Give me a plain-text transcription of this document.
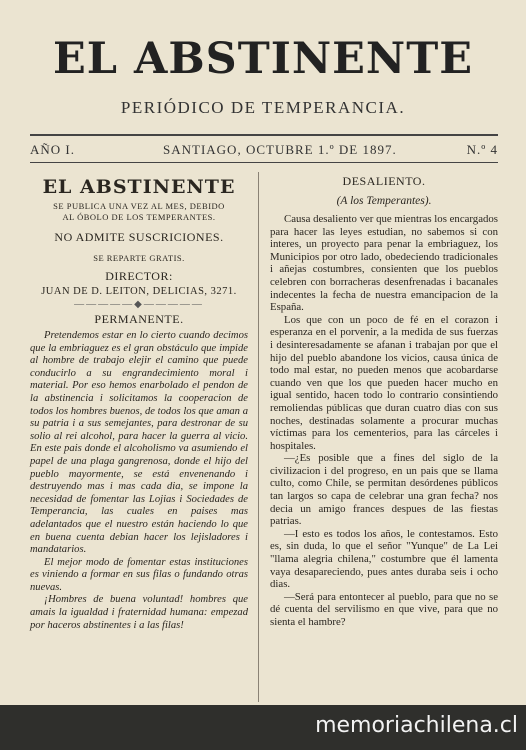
EL ABSTINENTE
PERIÓDICO DE TEMPERANCIA.
AÑO I.	SANTIAGO, OCTUBRE 1.º DE 1897.	N.º 4
EL ABSTINENTE
SE PUBLICA UNA VEZ AL MES, DEBIDO
AL ÓBOLO DE LOS TEMPERANTES.
NO ADMITE SUSCRICIONES.
SE REPARTE GRATIS.
DIRECTOR:
JUAN DE D. LEITON, DELICIAS, 3271.
—————◆—————
PERMANENTE.

Pretendemos estar en lo cierto cuando decimos que la embriaguez es el gran obstáculo que impide al hombre de trabajo elejir el camino que puede conducirlo a su engrandecimiento moral i material. Por eso hemos enarbolado el pendon de la abstinencia i solicitamos la cooperacion de todos los hombres buenos, de todos los que aman a su patria i a sus semejantes, para destronar de su solio al rei alcohol, para hacer la guerra al vicio. En este pais donde el alcoholismo va asumiendo el papel de una plaga gangrenosa, donde el hijo del pueblo mayormente, se está envenenando i destruyendo mas i mas cada dia, se impone la necesidad de fomentar las Lojias i Sociedades de Temperancia, las cuales en paises mas adelantados que el nuestro están haciendo lo que en buena cuenta debian hacer los lejisladores i mandatarios.

El mejor modo de fomentar estas instituciones es viniendo a formar en sus filas o fundando otras nuevas.

¡Hombres de buena voluntad! hombres que amais la igualdad i fraternidad humana: empezad por haceros abstinentes i a las filas!

DESALIENTO.
(A los Temperantes).

Causa desaliento ver que mientras los encargados para hacer las leyes estudian, no sabemos si con interes, un proyecto para penar la embriaguez, los Municipios por otro lado, obedeciendo tradicionales i añejas costumbres, consienten que los pueblos celebren con borracheras desenfrenadas i bacanales indecentes la fecha de nuestra emancipacion de la España.

Los que con un poco de fé en el corazon i esperanza en el porvenir, a la medida de sus fuerzas i desinteresadamente se afanan i trabajan por que el hijo del pueblo abandone los vicios, causa única de todo mal estar, no pueden menos que acobardarse cuando ven que los que pueden hacer mucho en igual sentido, hacen todo lo contrario consintiendo remoliendas públicas que duran cuatro dias con sus noches, destinadas solamente a procurar muchas víctimas para los cementerios, para las cárceles i hospitales.

—¿Es posible que a fines del siglo de la civilizacion i del progreso, en un pais que se llama culto, como Chile, se permitan desórdenes públicos tan largos so capa de celebrar una gran fecha? nos decia un amigo frances despues de las fiestas patrias.

—I esto es todos los años, le contestamos. Esto es, sin duda, lo que el señor "Yunque" de La Lei "llama alegria chilena," costumbre que él lamenta vaya desapareciendo, pues antes duraba seis i ocho dias.

—Será para entontecer al pueblo, para que no se dé cuenta del servilismo en que vive, para que no sienta el hambre?

memoriachilena.cl
